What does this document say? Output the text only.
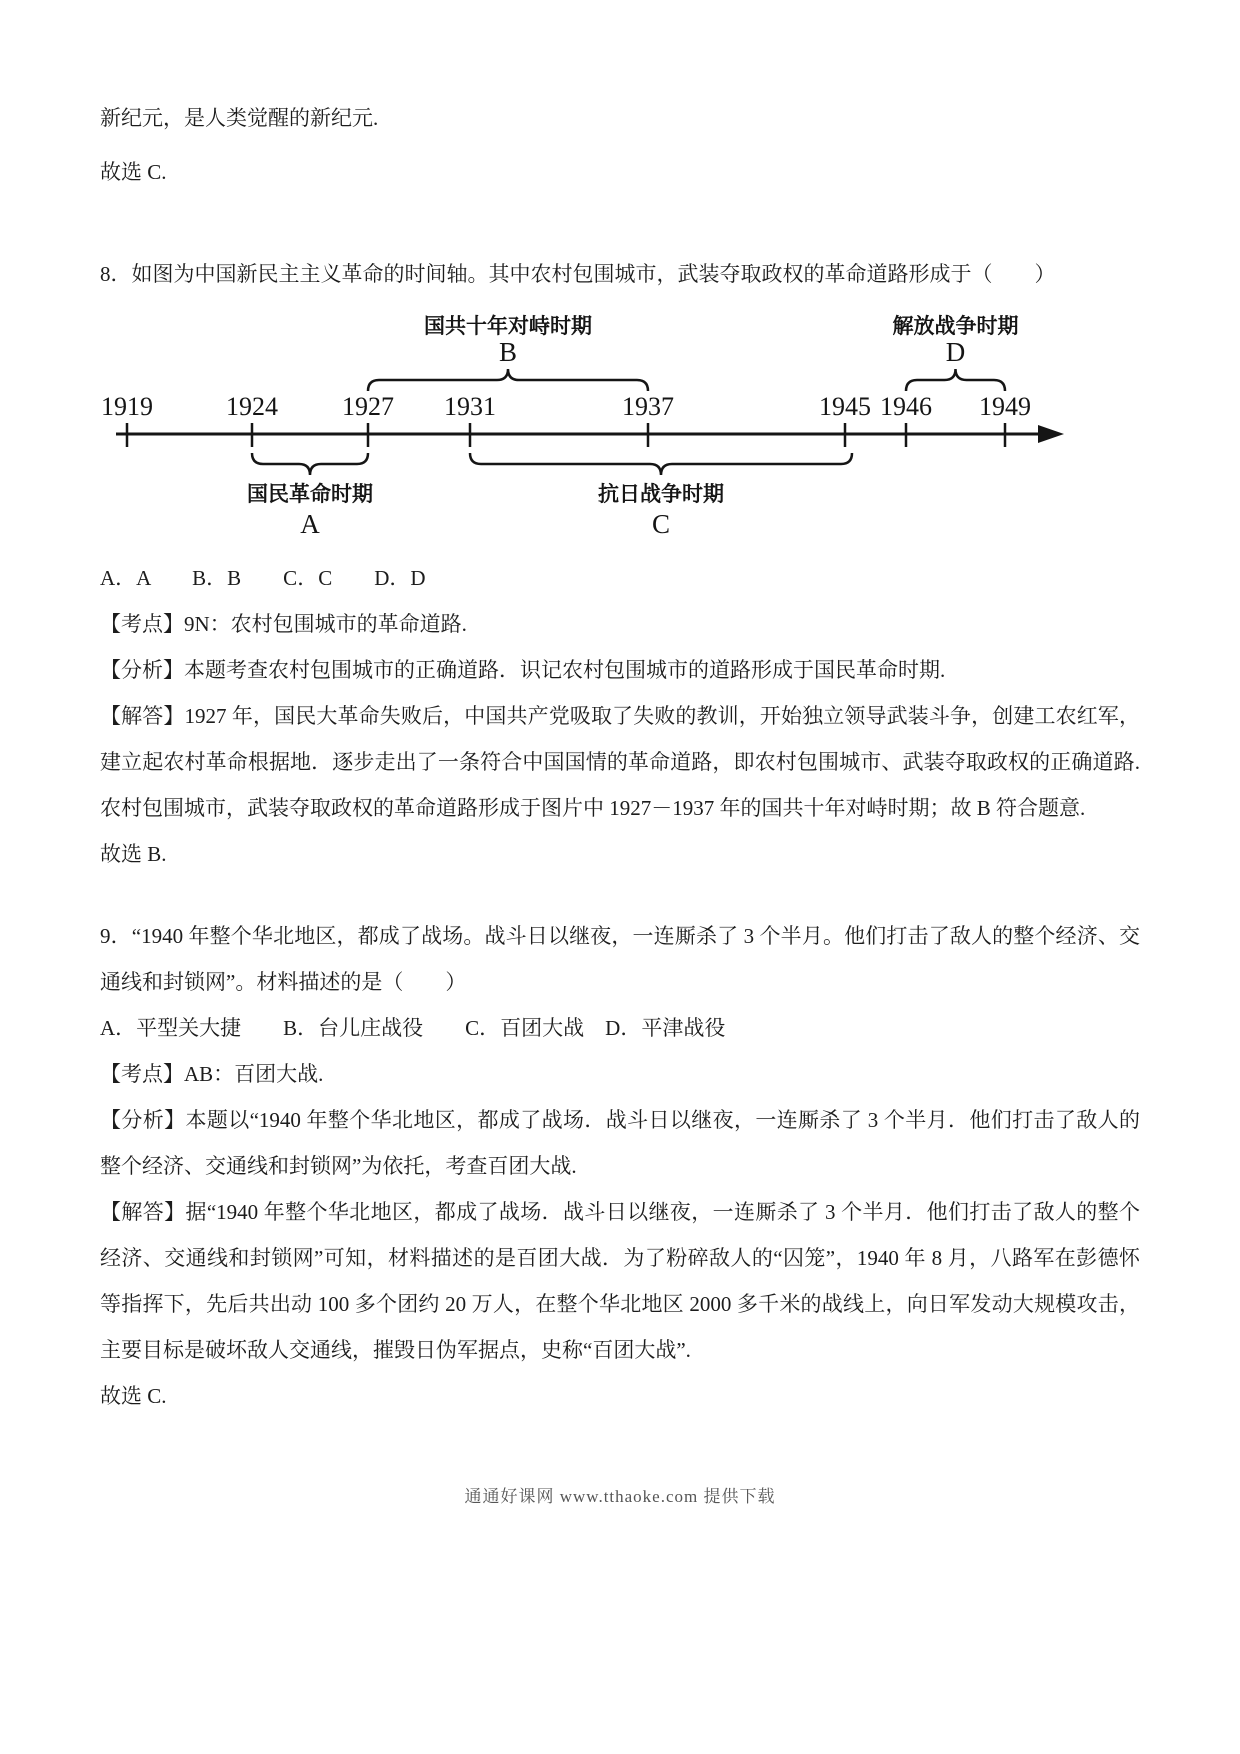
新纪元，是人类觉醒的新纪元.

故选 C.

8．如图为中国新民主主义革命的时间轴。其中农村包围城市，武装夺取政权的革命道路形成于（　　）

1919	1924 1927 1931	1937	1945 1946 1949
B
国共十年对峙时期
D
解放战争时期
国民革命时期
A
抗日战争时期
C

A．A　　B．B　　C．C　　D．D

【考点】9N：农村包围城市的革命道路.

【分析】本题考查农村包围城市的正确道路．识记农村包围城市的道路形成于国民革命时期.

【解答】1927 年，国民大革命失败后，中国共产党吸取了失败的教训，开始独立领导武装斗争，创建工农红军，建立起农村革命根据地．逐步走出了一条符合中国国情的革命道路，即农村包围城市、武装夺取政权的正确道路.农村包围城市，武装夺取政权的革命道路形成于图片中 1927－1937 年的国共十年对峙时期；故 B 符合题意.

故选 B.

9．“1940 年整个华北地区，都成了战场。战斗日以继夜，一连厮杀了 3 个半月。他们打击了敌人的整个经济、交通线和封锁网”。材料描述的是（　　）

A．平型关大捷　　B．台儿庄战役　　C．百团大战　D．平津战役

【考点】AB：百团大战.

【分析】本题以“1940 年整个华北地区，都成了战场．战斗日以继夜，一连厮杀了 3 个半月．他们打击了敌人的整个经济、交通线和封锁网”为依托，考查百团大战.

【解答】据“1940 年整个华北地区，都成了战场．战斗日以继夜，一连厮杀了 3 个半月．他们打击了敌人的整个经济、交通线和封锁网”可知，材料描述的是百团大战．为了粉碎敌人的“囚笼”，1940 年 8 月，八路军在彭德怀等指挥下，先后共出动 100 多个团约 20 万人，在整个华北地区 2000 多千米的战线上，向日军发动大规模攻击，主要目标是破坏敌人交通线，摧毁日伪军据点，史称“百团大战”.

故选 C.

通通好课网 www.tthaoke.com 提供下载
